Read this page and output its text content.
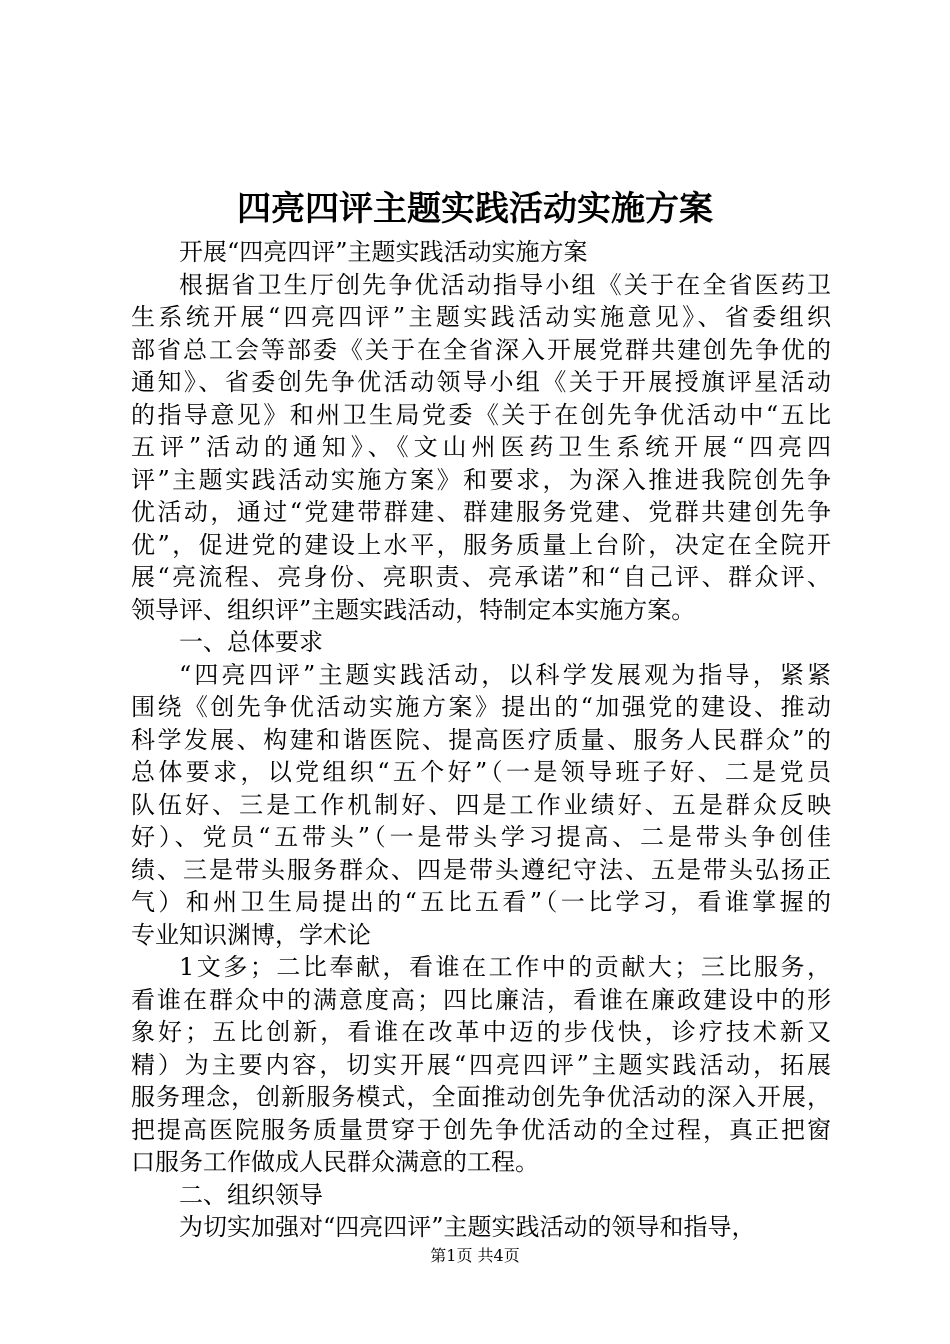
四亮四评主题实践活动实施方案
开展“四亮四评”主题实践活动实施方案
根据省卫生厅创先争优活动指导小组《关于在全省医药卫
生系统开展“四亮四评”主题实践活动实施意见》、省委组织
部省总工会等部委《关于在全省深入开展党群共建创先争优的
通知》、省委创先争优活动领导小组《关于开展授旗评星活动
的指导意见》和州卫生局党委《关于在创先争优活动中“五比
五评”活动的通知》、《文山州医药卫生系统开展“四亮四
评”主题实践活动实施方案》和要求，为深入推进我院创先争
优活动，通过“党建带群建、群建服务党建、党群共建创先争
优”，促进党的建设上水平，服务质量上台阶，决定在全院开
展“亮流程、亮身份、亮职责、亮承诺”和“自己评、群众评、
领导评、组织评”主题实践活动，特制定本实施方案。
一、总体要求
“四亮四评”主题实践活动，以科学发展观为指导，紧紧
围绕《创先争优活动实施方案》提出的“加强党的建设、推动
科学发展、构建和谐医院、提高医疗质量、服务人民群众”的
总体要求，以党组织“五个好”（一是领导班子好、二是党员
队伍好、三是工作机制好、四是工作业绩好、五是群众反映
好）、党员“五带头”（一是带头学习提高、二是带头争创佳
绩、三是带头服务群众、四是带头遵纪守法、五是带头弘扬正
气）和州卫生局提出的“五比五看”（一比学习，看谁掌握的
专业知识渊博，学术论
1文多；二比奉献，看谁在工作中的贡献大；三比服务，
看谁在群众中的满意度高；四比廉洁，看谁在廉政建设中的形
象好；五比创新，看谁在改革中迈的步伐快，诊疗技术新又
精）为主要内容，切实开展“四亮四评”主题实践活动，拓展
服务理念，创新服务模式，全面推动创先争优活动的深入开展，
把提高医院服务质量贯穿于创先争优活动的全过程，真正把窗
口服务工作做成人民群众满意的工程。
二、组织领导
为切实加强对“四亮四评”主题实践活动的领导和指导，
第1页 共4页
